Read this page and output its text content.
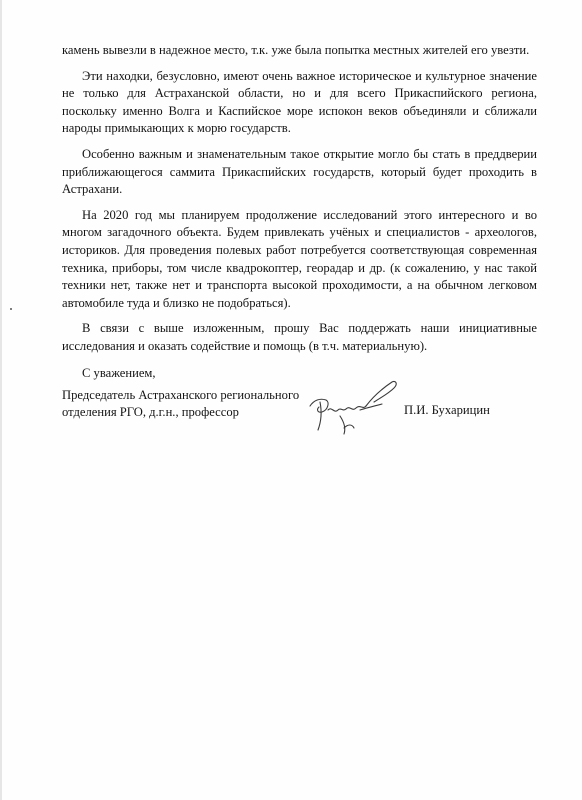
камень вывезли в надежное место, т.к. уже была попытка местных жителей его увезти.

Эти находки, безусловно, имеют очень важное историческое и культурное значение не только для Астраханской области, но и для всего Прикаспийского региона, поскольку именно Волга и Каспийское море испокон веков объединяли и сближали народы примыкающих к морю государств.

Особенно важным и знаменательным такое открытие могло бы стать в преддверии приближающегося саммита Прикаспийских государств, который будет проходить в Астрахани.

На 2020 год мы планируем продолжение исследований этого интересного и во многом загадочного объекта. Будем привлекать учёных и специалистов - археологов, историков. Для проведения полевых работ потребуется соответствующая современная техника, приборы, том числе квадрокоптер, георадар и др. (к сожалению, у нас такой техники нет, также нет и транспорта высокой проходимости, а на обычном легковом автомобиле туда и близко не подобраться).

В связи с выше изложенным, прошу Вас поддержать наши инициативные исследования и оказать содействие и помощь (в т.ч. материальную).

С уважением,
Председатель Астраханского регионального
отделения РГО, д.г.н., профессор	П.И. Бухарицин
